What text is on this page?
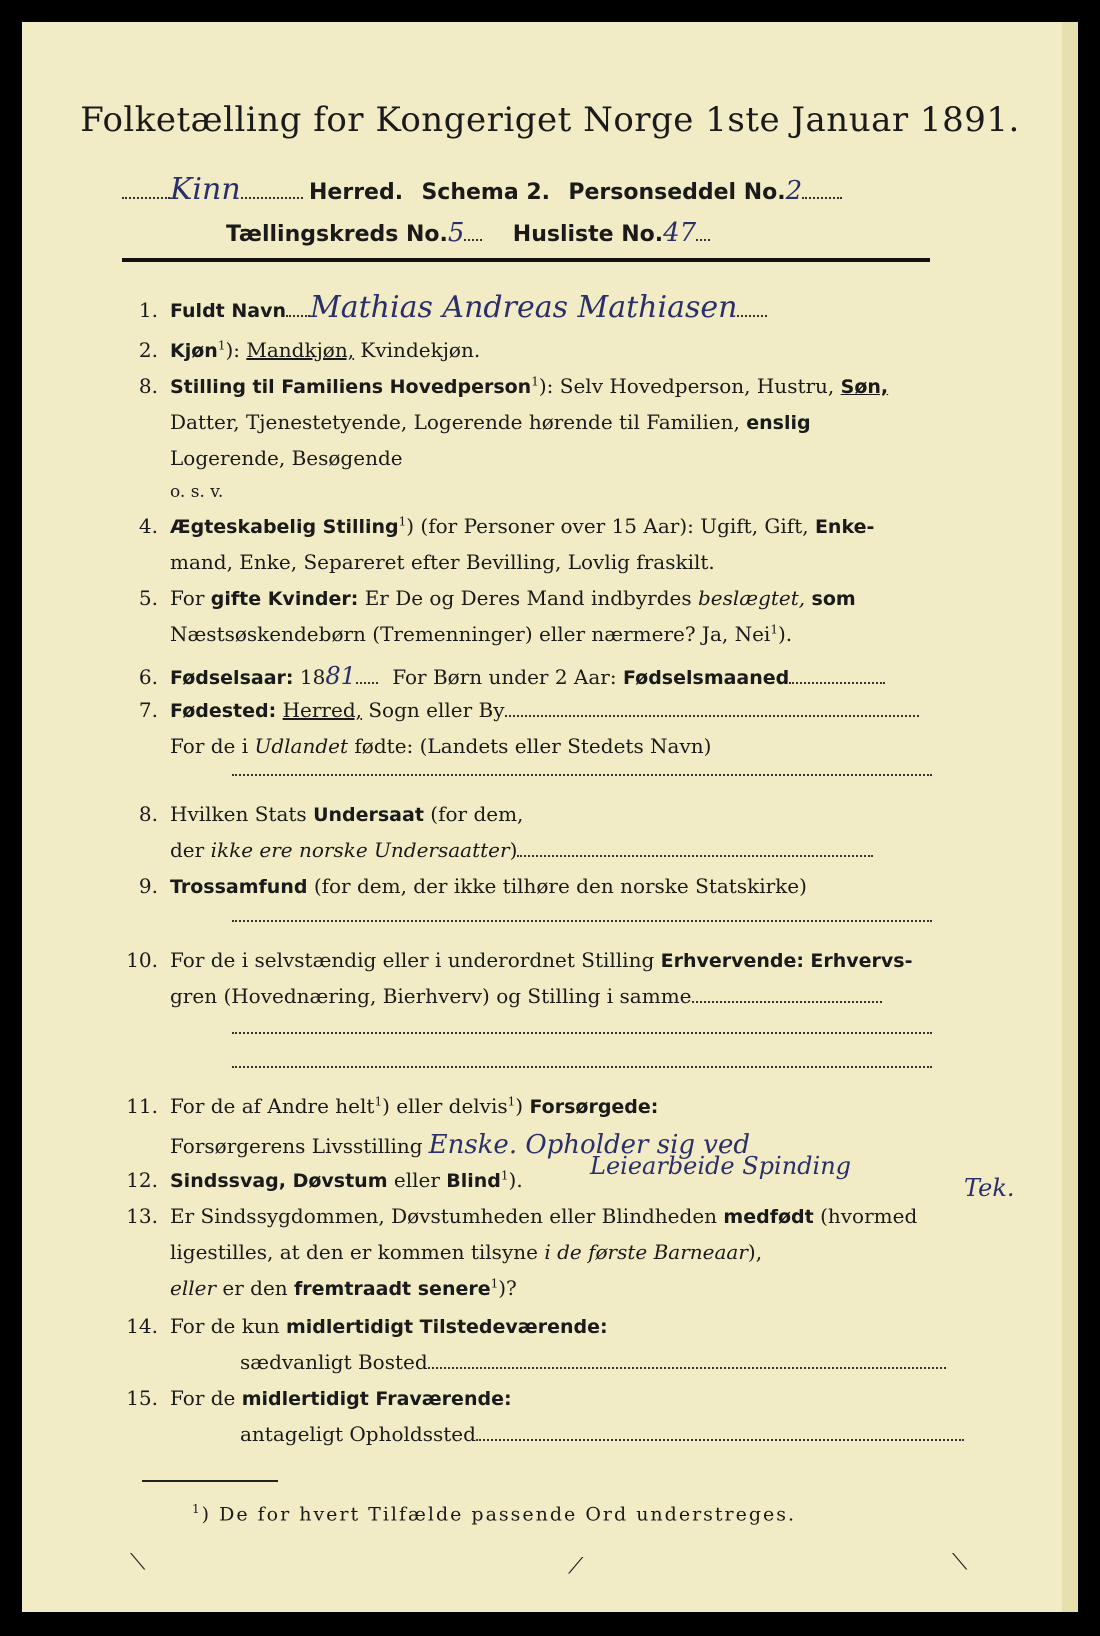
Folketælling for Kongeriget Norge 1ste Januar 1891.
Kinn	Herred. Schema 2. Personseddel No.2
Tællingskreds No.5 Husliste No.47
1. Fuldt Navn Mathias Andreas Mathiasen
2. Kjøn$^1$): Mandkjøn, Kvindekjøn.
8. Stilling til Familiens Hovedperson$^1$): Selv Hovedperson, Hustru, Søn,
Datter, Tjenestetyende, Logerende hørende til Familien, enslig
Logerende, Besøgende
o. s. v.
4. Ægteskabelig Stilling$^1$) (for Personer over 15 Aar): Ugift, Gift, Enke-
mand, Enke, Separeret efter Bevilling, Lovlig fraskilt.
5. For gifte Kvinder: Er De og Deres Mand indbyrdes beslægtet, som
Næstsøskendebørn (Tremenninger) eller nærmere? Ja, Nei$^1$).
6. Fødselsaar: 1881 For Børn under 2 Aar: Fødselsmaaned
7. Fødested: Herred, Sogn eller By
For de i Udlandet fødte: (Landets eller Stedets Navn)
8. Hvilken Stats Undersaat (for dem,
der ikke ere norske Undersaatter)
9. Trossamfund (for dem, der ikke tilhøre den norske Statskirke)
10. For de i selvstændig eller i underordnet Stilling Erhvervende: Erhvervs-
gren (Hovednæring, Bierhverv) og Stilling i samme
11. For de af Andre helt$^1$) eller delvis$^1$) Forsørgede:
Forsørgerens Livsstilling Enske. Opholder sig ved
Leiearbeide Spinding
Tek.
12. Sindssvag, Døvstum eller Blind$^1$).
13. Er Sindssygdommen, Døvstumheden eller Blindheden medfødt (hvormed
ligestilles, at den er kommen tilsyne i de første Barneaar),
eller er den fremtraadt senere$^1$)?
14. For de kun midlertidigt Tilstedeværende:
sædvanligt Bosted
15. For de midlertidigt Fraværende:
antageligt Opholdssted
$^1$) De for hvert Tilfælde passende Ord understreges.
⟍	⟋	⟍
